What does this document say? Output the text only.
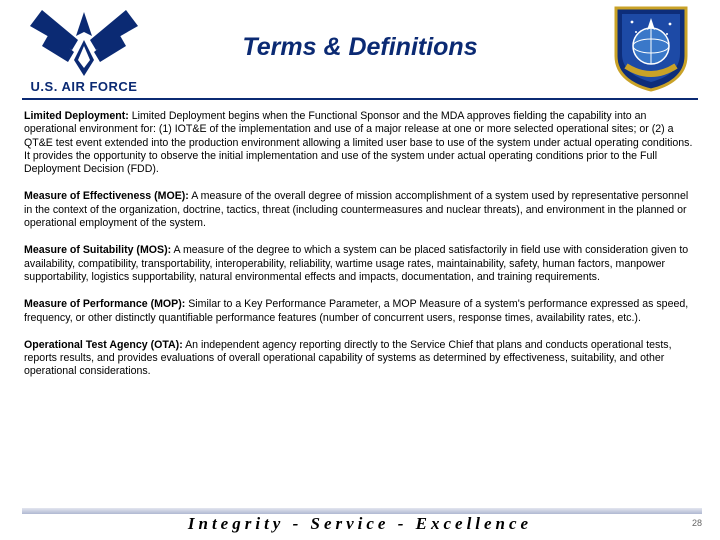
U.S. AIR FORCE
Terms & Definitions

Limited Deployment: Limited Deployment begins when the Functional Sponsor and the MDA approves fielding the capability into an operational environment for: (1) IOT&E of the implementation and use of a major release at one or more selected operational sites; or (2) a QT&E test event extended into the production environment allowing a limited user base to use of the system under actual operating conditions. It provides the opportunity to observe the initial implementation and use of the system under actual operating conditions prior to the Full Deployment Decision (FDD).

Measure of Effectiveness (MOE): A measure of the overall degree of mission accomplishment of a system used by representative personnel in the context of the organization, doctrine, tactics, threat (including countermeasures and nuclear threats), and environment in the planned or operational employment of the system.

Measure of Suitability (MOS): A measure of the degree to which a system can be placed satisfactorily in field use with consideration given to availability, compatibility, transportability, interoperability, reliability, wartime usage rates, maintainability, safety, human factors, manpower supportability, logistics supportability, natural environmental effects and impacts, documentation, and training requirements.

Measure of Performance (MOP): Similar to a Key Performance Parameter, a MOP Measure of a system's performance expressed as speed, frequency, or other distinctly quantifiable performance features (number of concurrent users, response times, availability rates, etc.).

Operational Test Agency (OTA): An independent agency reporting directly to the Service Chief that plans and conducts operational tests, reports results, and provides evaluations of overall operational capability of systems as determined by effectiveness, suitability, and other operational considerations.

Integrity - Service - Excellence	28
